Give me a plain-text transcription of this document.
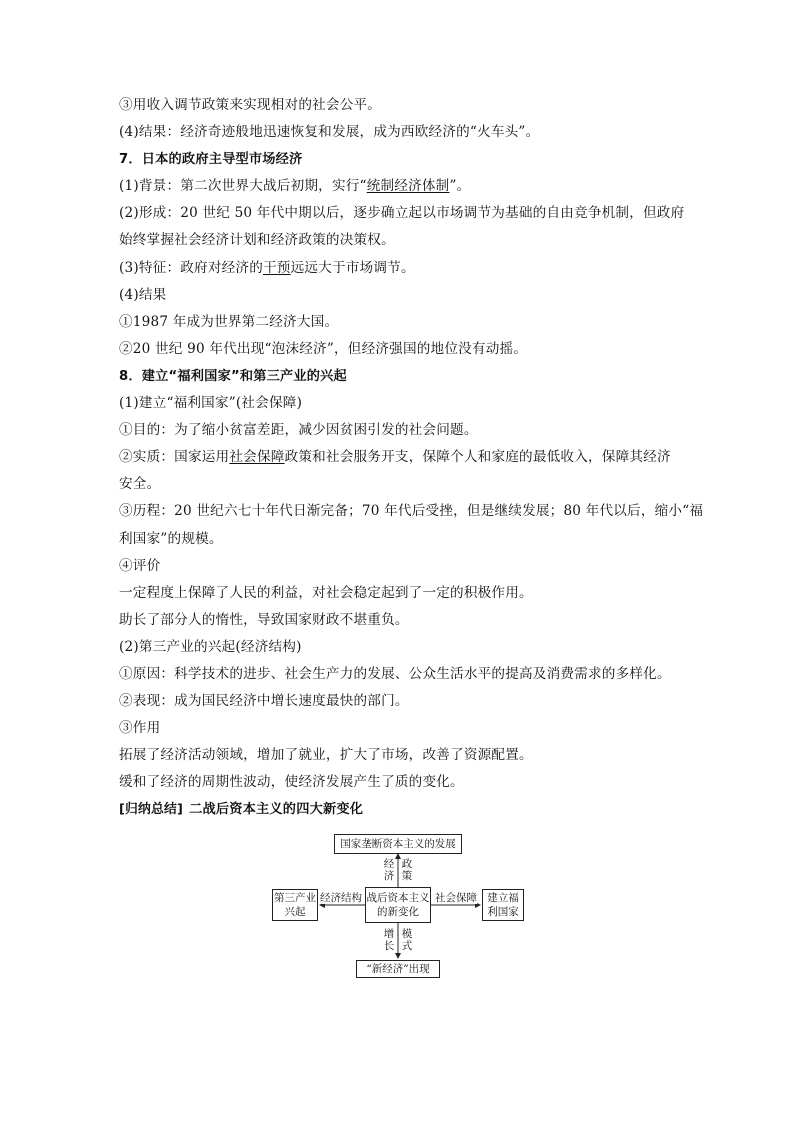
③用收入调节政策来实现相对的社会公平。
(4)结果：经济奇迹般地迅速恢复和发展，成为西欧经济的“火车头”。
7．日本的政府主导型市场经济
(1)背景：第二次世界大战后初期，实行“统制经济体制”。
(2)形成：20 世纪 50 年代中期以后，逐步确立起以市场调节为基础的自由竞争机制，但政府
始终掌握社会经济计划和经济政策的决策权。
(3)特征：政府对经济的干预远远大于市场调节。
(4)结果
①1987 年成为世界第二经济大国。
②20 世纪 90 年代出现“泡沫经济”，但经济强国的地位没有动摇。
8．建立“福利国家”和第三产业的兴起
(1)建立“福利国家”(社会保障)
①目的：为了缩小贫富差距，减少因贫困引发的社会问题。
②实质：国家运用社会保障政策和社会服务开支，保障个人和家庭的最低收入，保障其经济
安全。
③历程：20 世纪六七十年代日渐完备；70 年代后受挫，但是继续发展；80 年代以后，缩小“福
利国家”的规模。
④评价
一定程度上保障了人民的利益，对社会稳定起到了一定的积极作用。
助长了部分人的惰性，导致国家财政不堪重负。
(2)第三产业的兴起(经济结构)
①原因：科学技术的进步、社会生产力的发展、公众生活水平的提高及消费需求的多样化。
②表现：成为国民经济中增长速度最快的部门。
③作用
拓展了经济活动领域，增加了就业，扩大了市场，改善了资源配置。
缓和了经济的周期性波动，使经济发展产生了质的变化。
[归纳总结] 二战后资本主义的四大新变化
国家垄断资本主义的发展
战后资本主义的新变化
第三产业兴起
建立福利国家
“新经济”出现
经济
政策
经济结构	社会保障
增长
模式
